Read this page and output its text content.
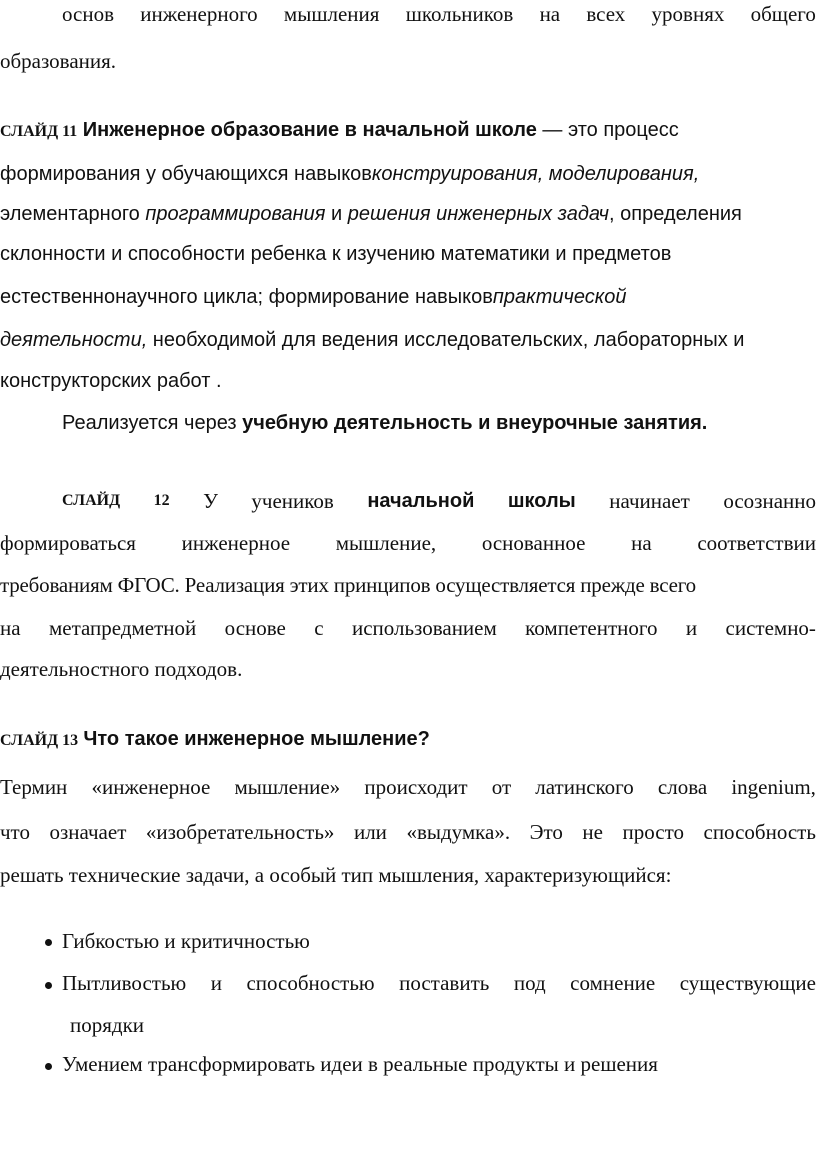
основ инженерного мышления школьников на всех уровнях общего
образования.
СЛАЙД 11 Инженерное образование в начальной школе — это процесс
формирования у обучающихся навыковконструирования, моделирования,
элементарного программирования и решения инженерных задач, определения
склонности и способности ребенка к изучению математики и предметов
естественнонаучного цикла; формирование навыковпрактической
деятельности, необходимой для ведения исследовательских, лабораторных и
конструкторских работ .
Реализуется через учебную деятельность и внеурочные занятия.
СЛАЙД 12 У учеников начальной школы начинает осознанно
формироваться инженерное мышление, основанное на соответствии
требованиям ФГОС. Реализация этих принципов осуществляется прежде всего
на метапредметной основе с использованием компетентного и системно-
деятельностного подходов.
СЛАЙД 13 Что такое инженерное мышление?
Термин «инженерное мышление» происходит от латинского слова ingenium,
что означает «изобретательность» или «выдумка». Это не просто способность
решать технические задачи, а особый тип мышления, характеризующийся:
Гибкостью и критичностью
Пытливостью и способностью поставить под сомнение существующие
порядки
Умением трансформировать идеи в реальные продукты и решения
